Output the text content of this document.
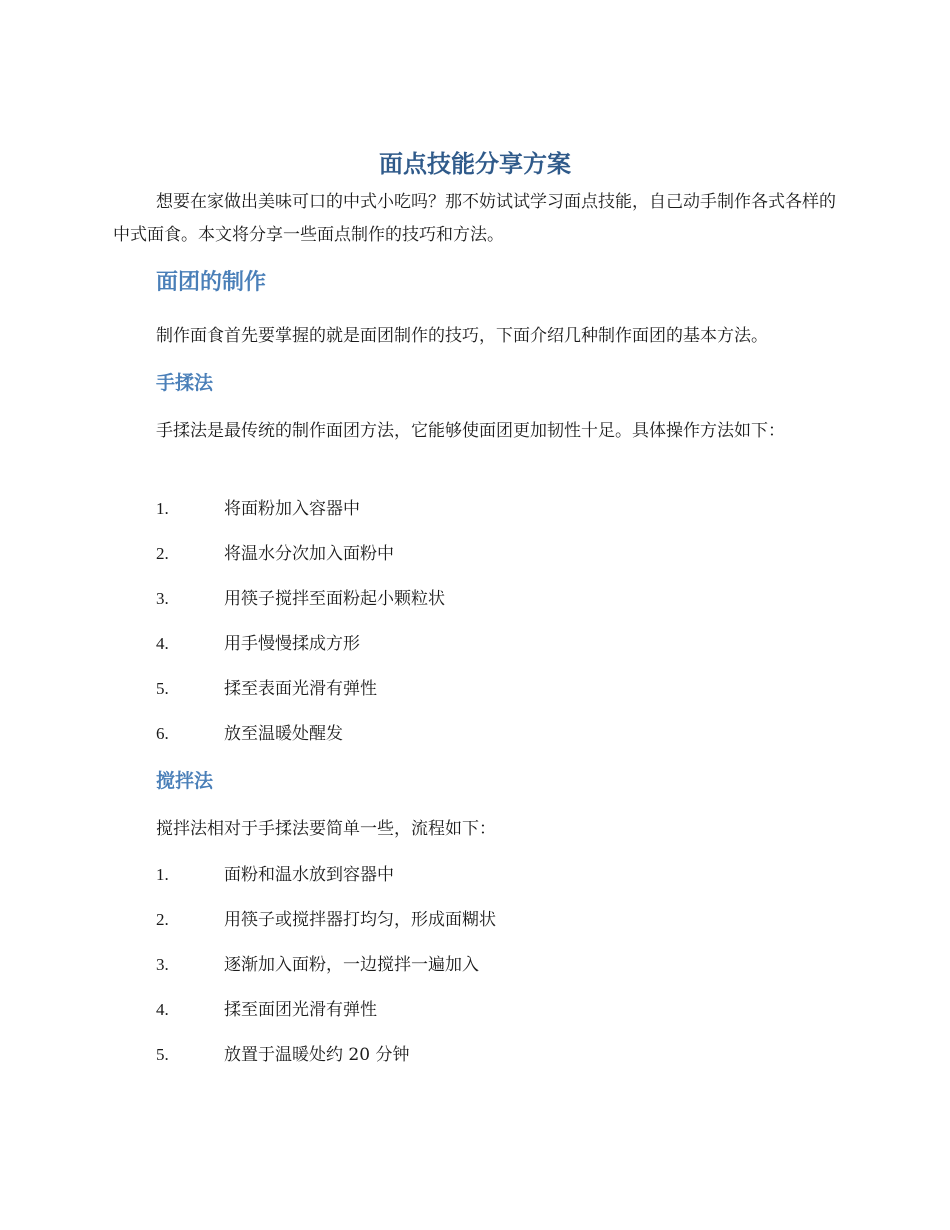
面点技能分享方案

想要在家做出美味可口的中式小吃吗？那不妨试试学习面点技能，自己动手制作各式各样的中式面食。本文将分享一些面点制作的技巧和方法。

面团的制作

制作面食首先要掌握的就是面团制作的技巧，下面介绍几种制作面团的基本方法。

手揉法

手揉法是最传统的制作面团方法，它能够使面团更加韧性十足。具体操作方法如下：

1.	将面粉加入容器中
2.	将温水分次加入面粉中
3.	用筷子搅拌至面粉起小颗粒状
4.	用手慢慢揉成方形
5.	揉至表面光滑有弹性
6.	放至温暖处醒发
搅拌法

搅拌法相对于手揉法要简单一些，流程如下：

1.	面粉和温水放到容器中
2.	用筷子或搅拌器打均匀，形成面糊状
3.	逐渐加入面粉，一边搅拌一遍加入
4.	揉至面团光滑有弹性
5.	放置于温暖处约 20 分钟
